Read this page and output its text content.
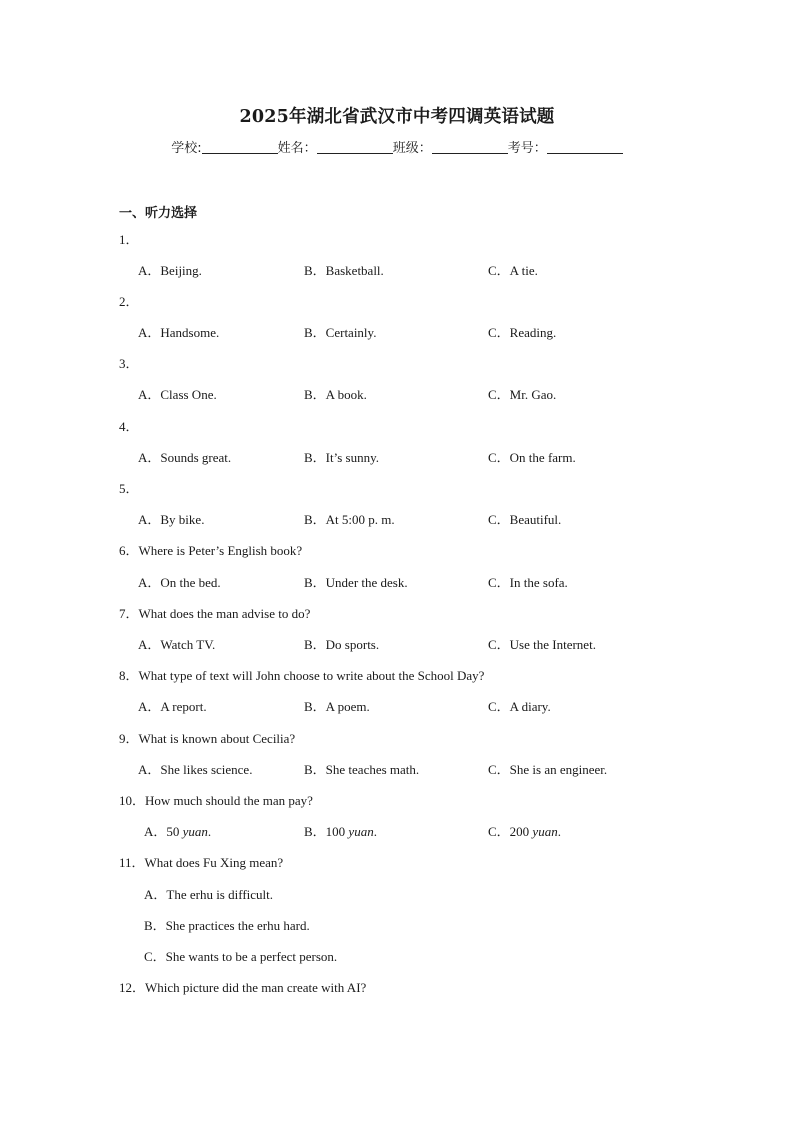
2025年湖北省武汉市中考四调英语试题
学校:	姓名：	班级：	考号：
一、听力选择
1．
A．Beijing.	B．Basketball.	C．A tie.
2．
A．Handsome.	B．Certainly.	C．Reading.
3．
A．Class One.	B．A book.	C．Mr. Gao.
4．
A．Sounds great.	B．It’s sunny.	C．On the farm.
5．
A．By bike.	B．At 5:00 p. m.	C．Beautiful.
6．Where is Peter’s English book?
A．On the bed.	B．Under the desk.	C．In the sofa.
7．What does the man advise to do?
A．Watch TV.	B．Do sports.	C．Use the Internet.
8．What type of text will John choose to write about the School Day?
A．A report.	B．A poem.	C．A diary.
9．What is known about Cecilia?
A．She likes science.	B．She teaches math.	C．She is an engineer.
10．How much should the man pay?
A．50 yuan.	B．100 yuan.	C．200 yuan.
11．What does Fu Xing mean?
A．The erhu is difficult.
B．She practices the erhu hard.
C．She wants to be a perfect person.
12．Which picture did the man create with AI?
